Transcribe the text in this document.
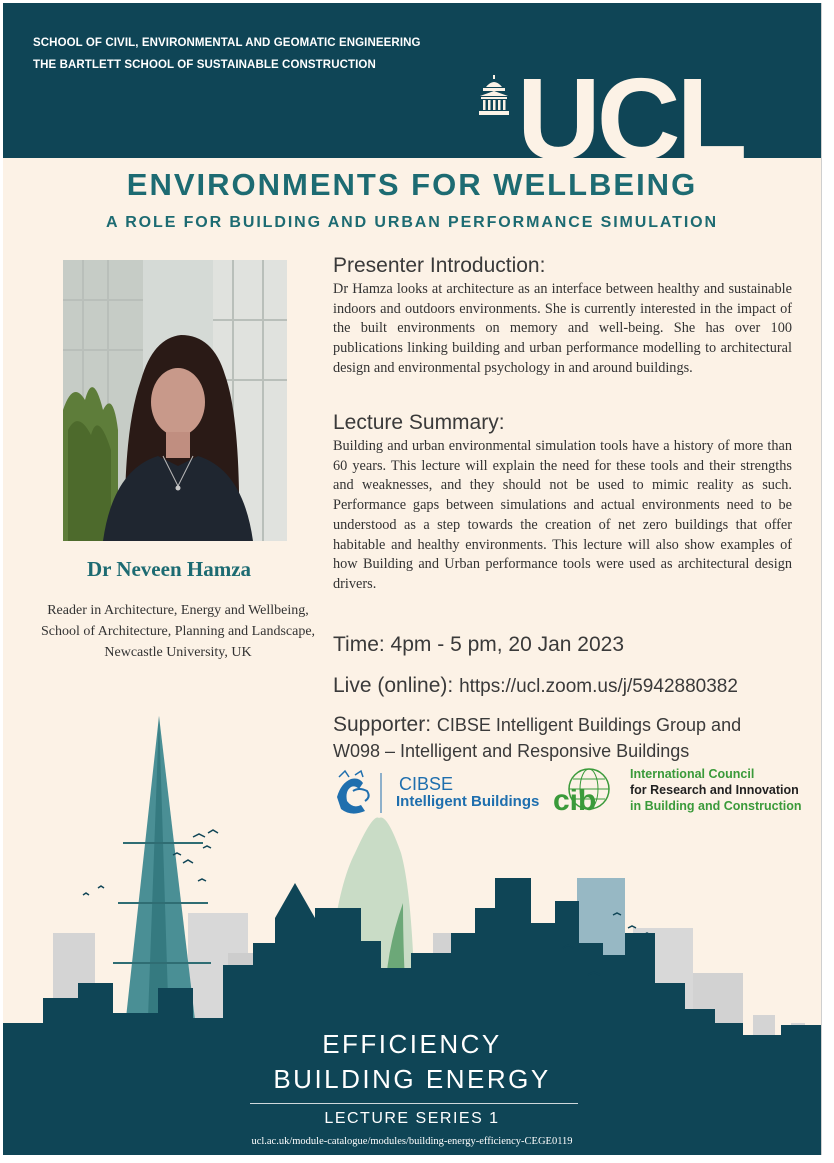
SCHOOL OF CIVIL, ENVIRONMENTAL AND GEOMATIC ENGINEERING
THE BARTLETT SCHOOL OF SUSTAINABLE CONSTRUCTION UCL
ENVIRONMENTS FOR WELLBEING
A ROLE FOR BUILDING AND URBAN PERFORMANCE SIMULATION
Dr Neveen Hamza
Reader in Architecture, Energy and Wellbeing, School of Architecture, Planning and Landscape, Newcastle University, UK
Presenter Introduction:

Dr Hamza looks at architecture as an interface between healthy and sustainable indoors and outdoors environments. She is currently interested in the impact of the built environments on memory and well-being. She has over 100 publications linking building and urban performance modelling to architectural design and environmental psychology in and around buildings.

Lecture Summary:

Building and urban environmental simulation tools have a history of more than 60 years. This lecture will explain the need for these tools and their strengths and weaknesses, and they should not be used to mimic reality as such. Performance gaps between simulations and actual environments need to be understood as a step towards the creation of net zero buildings that offer habitable and healthy environments. This lecture will also show examples of how Building and Urban performance tools were used as architectural design drivers.

Time: 4pm - 5 pm, 20 Jan 2023
Live (online): https://ucl.zoom.us/j/5942880382
Supporter: CIBSE Intelligent Buildings Group and
W098 – Intelligent and Responsive Buildings
CIBSE
Intelligent Buildings cib
International Council
for Research and Innovation
in Building and Construction
EFFICIENCY
BUILDING ENERGY
LECTURE SERIES 1
ucl.ac.uk/module-catalogue/modules/building-energy-efficiency-CEGE0119
